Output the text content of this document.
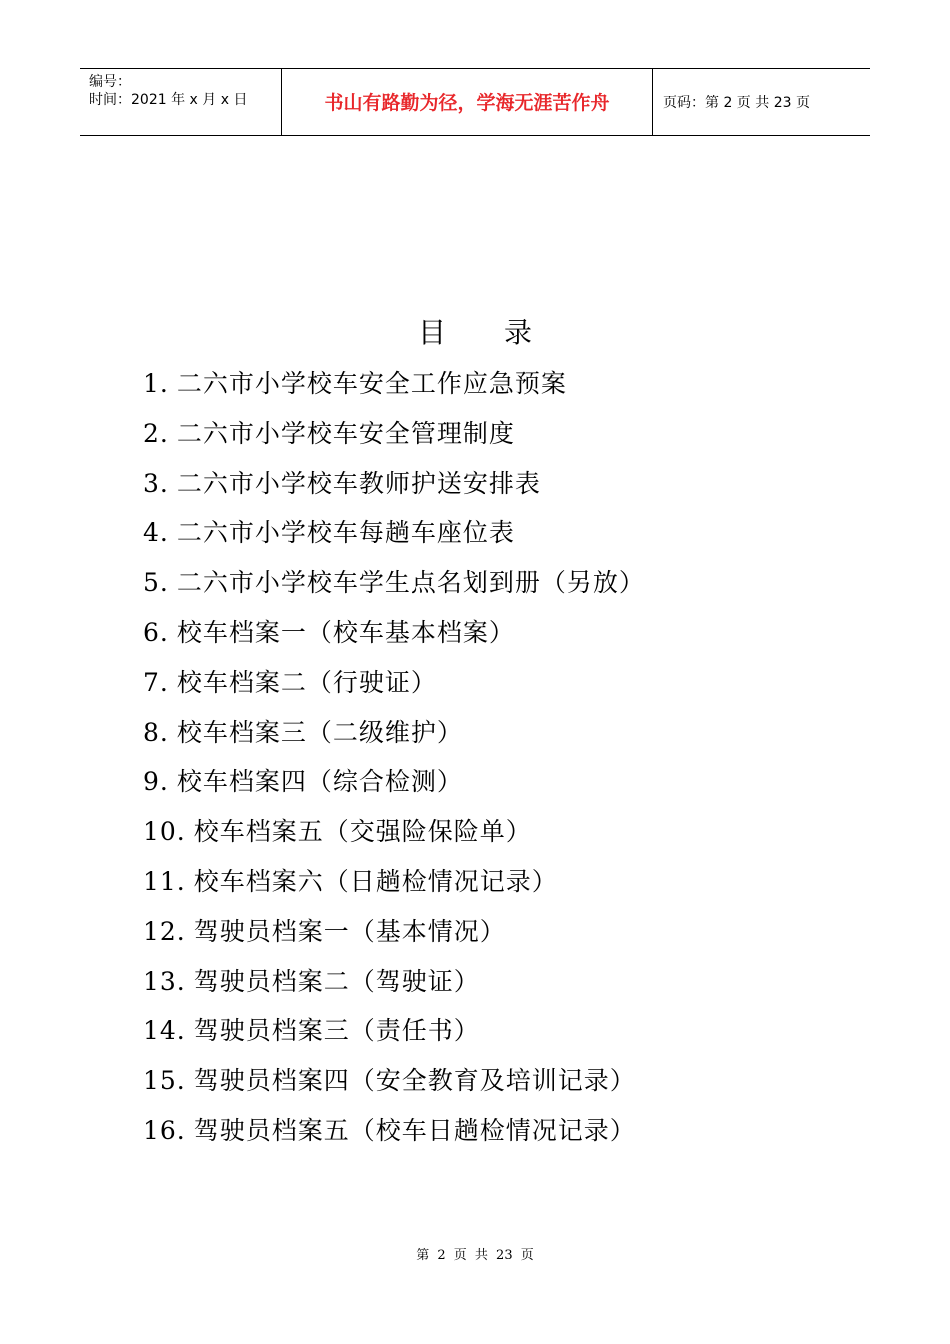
编号：
时间：2021 年 x 月 x 日	书山有路勤为径，学海无涯苦作舟	页码：第 2 页 共 23 页
目 录
1. 二六市小学校车安全工作应急预案
2. 二六市小学校车安全管理制度
3. 二六市小学校车教师护送安排表
4. 二六市小学校车每趟车座位表
5. 二六市小学校车学生点名划到册（另放）
6. 校车档案一（校车基本档案）
7. 校车档案二（行驶证）
8. 校车档案三（二级维护）
9. 校车档案四（综合检测）
10. 校车档案五（交强险保险单）
11. 校车档案六（日趟检情况记录）
12. 驾驶员档案一（基本情况）
13. 驾驶员档案二（驾驶证）
14. 驾驶员档案三（责任书）
15. 驾驶员档案四（安全教育及培训记录）
16. 驾驶员档案五（校车日趟检情况记录）
第 2 页 共 23 页
